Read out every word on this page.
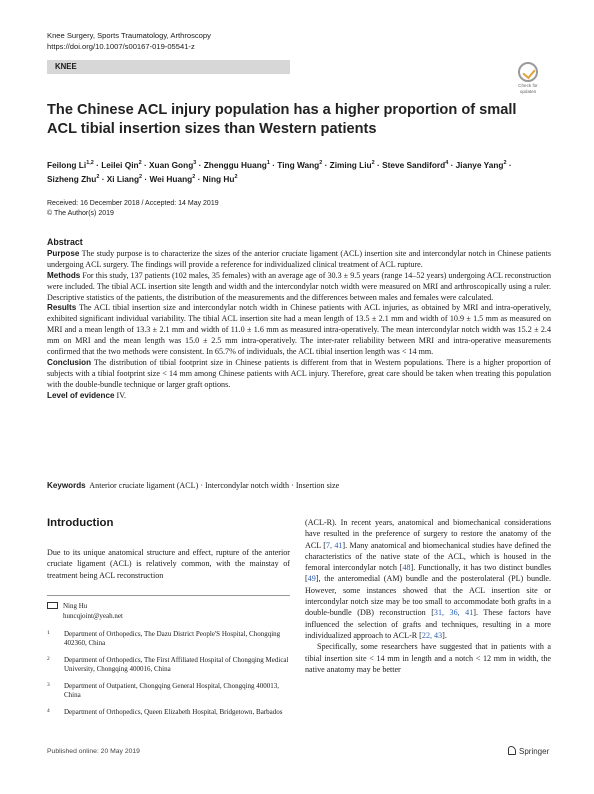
Knee Surgery, Sports Traumatology, Arthroscopy
https://doi.org/10.1007/s00167-019-05541-z
KNEE
Check for
updates
The Chinese ACL injury population has a higher proportion of small ACL tibial insertion sizes than Western patients
Feilong Li$^{1,2}$ · Leilei Qin$^2$ · Xuan Gong$^3$ · Zhenggu Huang$^1$ · Ting Wang$^2$ · Ziming Liu$^2$ · Steve Sandiford$^4$ · Jianye Yang$^2$ · Sizheng Zhu$^2$ · Xi Liang$^2$ · Wei Huang$^2$ · Ning Hu$^2$
Received: 16 December 2018 / Accepted: 14 May 2019
© The Author(s) 2019
Abstract

Purpose The study purpose is to characterize the sizes of the anterior cruciate ligament (ACL) insertion site and intercondylar notch in Chinese patients undergoing ACL surgery. The findings will provide a reference for individualized clinical treatment of ACL rupture.

Methods For this study, 137 patients (102 males, 35 females) with an average age of 30.3 ± 9.5 years (range 14–52 years) undergoing ACL reconstruction were included. The tibial ACL insertion site length and width and the intercondylar notch width were measured on MRI and arthroscopically using a ruler. Descriptive statistics of the patients, the distribution of the measurements and the differences between males and females were calculated.

Results The ACL tibial insertion size and intercondylar notch width in Chinese patients with ACL injuries, as obtained by MRI and intra-operatively, exhibited significant individual variability. The tibial ACL insertion site had a mean length of 13.5 ± 2.1 mm and width of 10.9 ± 1.5 mm as measured on MRI and a mean length of 13.3 ± 2.1 mm and width of 11.0 ± 1.6 mm as measured intra-operatively. The mean intercondylar notch width was 15.2 ± 2.4 mm on MRI and the mean length was 15.0 ± 2.5 mm intra-operatively. The inter-rater reliability between MRI and intra-operative measurements confirmed that the two methods were consistent. In 65.7% of individuals, the ACL tibial insertion length was < 14 mm.

Conclusion The distribution of tibial footprint size in Chinese patients is different from that in Western populations. There is a higher proportion of subjects with a tibial footprint size < 14 mm among Chinese patients with ACL injury. Therefore, great care should be taken when treating this population with the double-bundle technique or larger graft options.

Level of evidence IV.

Keywords Anterior cruciate ligament (ACL) · Intercondylar notch width · Insertion size
Introduction
Due to its unique anatomical structure and effect, rupture of the anterior cruciate ligament (ACL) is relatively common, with the mainstay of treatment being ACL reconstruction
Ning Hu
huncqjoint@yeah.net
1 Department of Orthopedics, The Dazu District People'S Hospital, Chongqing 402360, China
2 Department of Orthopedics, The First Affiliated Hospital of Chongqing Medical University, Chongqing 400016, China
3 Department of Outpatient, Chongqing General Hospital, Chongqing 400013, China
4 Department of Orthopedics, Queen Elizabeth Hospital, Bridgetown, Barbados

(ACL-R). In recent years, anatomical and biomechanical considerations have resulted in the preference of surgery to restore the anatomy of the ACL [7, 41]. Many anatomical and biomechanical studies have defined the characteristics of the native state of the ACL, which is housed in the femoral intercondylar notch [48]. Functionally, it has two distinct bundles [49], the anteromedial (AM) bundle and the posterolateral (PL) bundle. However, some instances showed that the ACL insertion site or intercondylar notch size may be too small to accommodate both grafts in a double-bundle (DB) reconstruction [31, 36, 41]. These factors have influenced the selection of grafts and techniques, resulting in a more individualized approach to ACL-R [22, 43].

Specifically, some researchers have suggested that in patients with a tibial insertion site < 14 mm in length and a notch < 12 mm in width, the native anatomy may be better

Published online: 20 May 2019	Springer
